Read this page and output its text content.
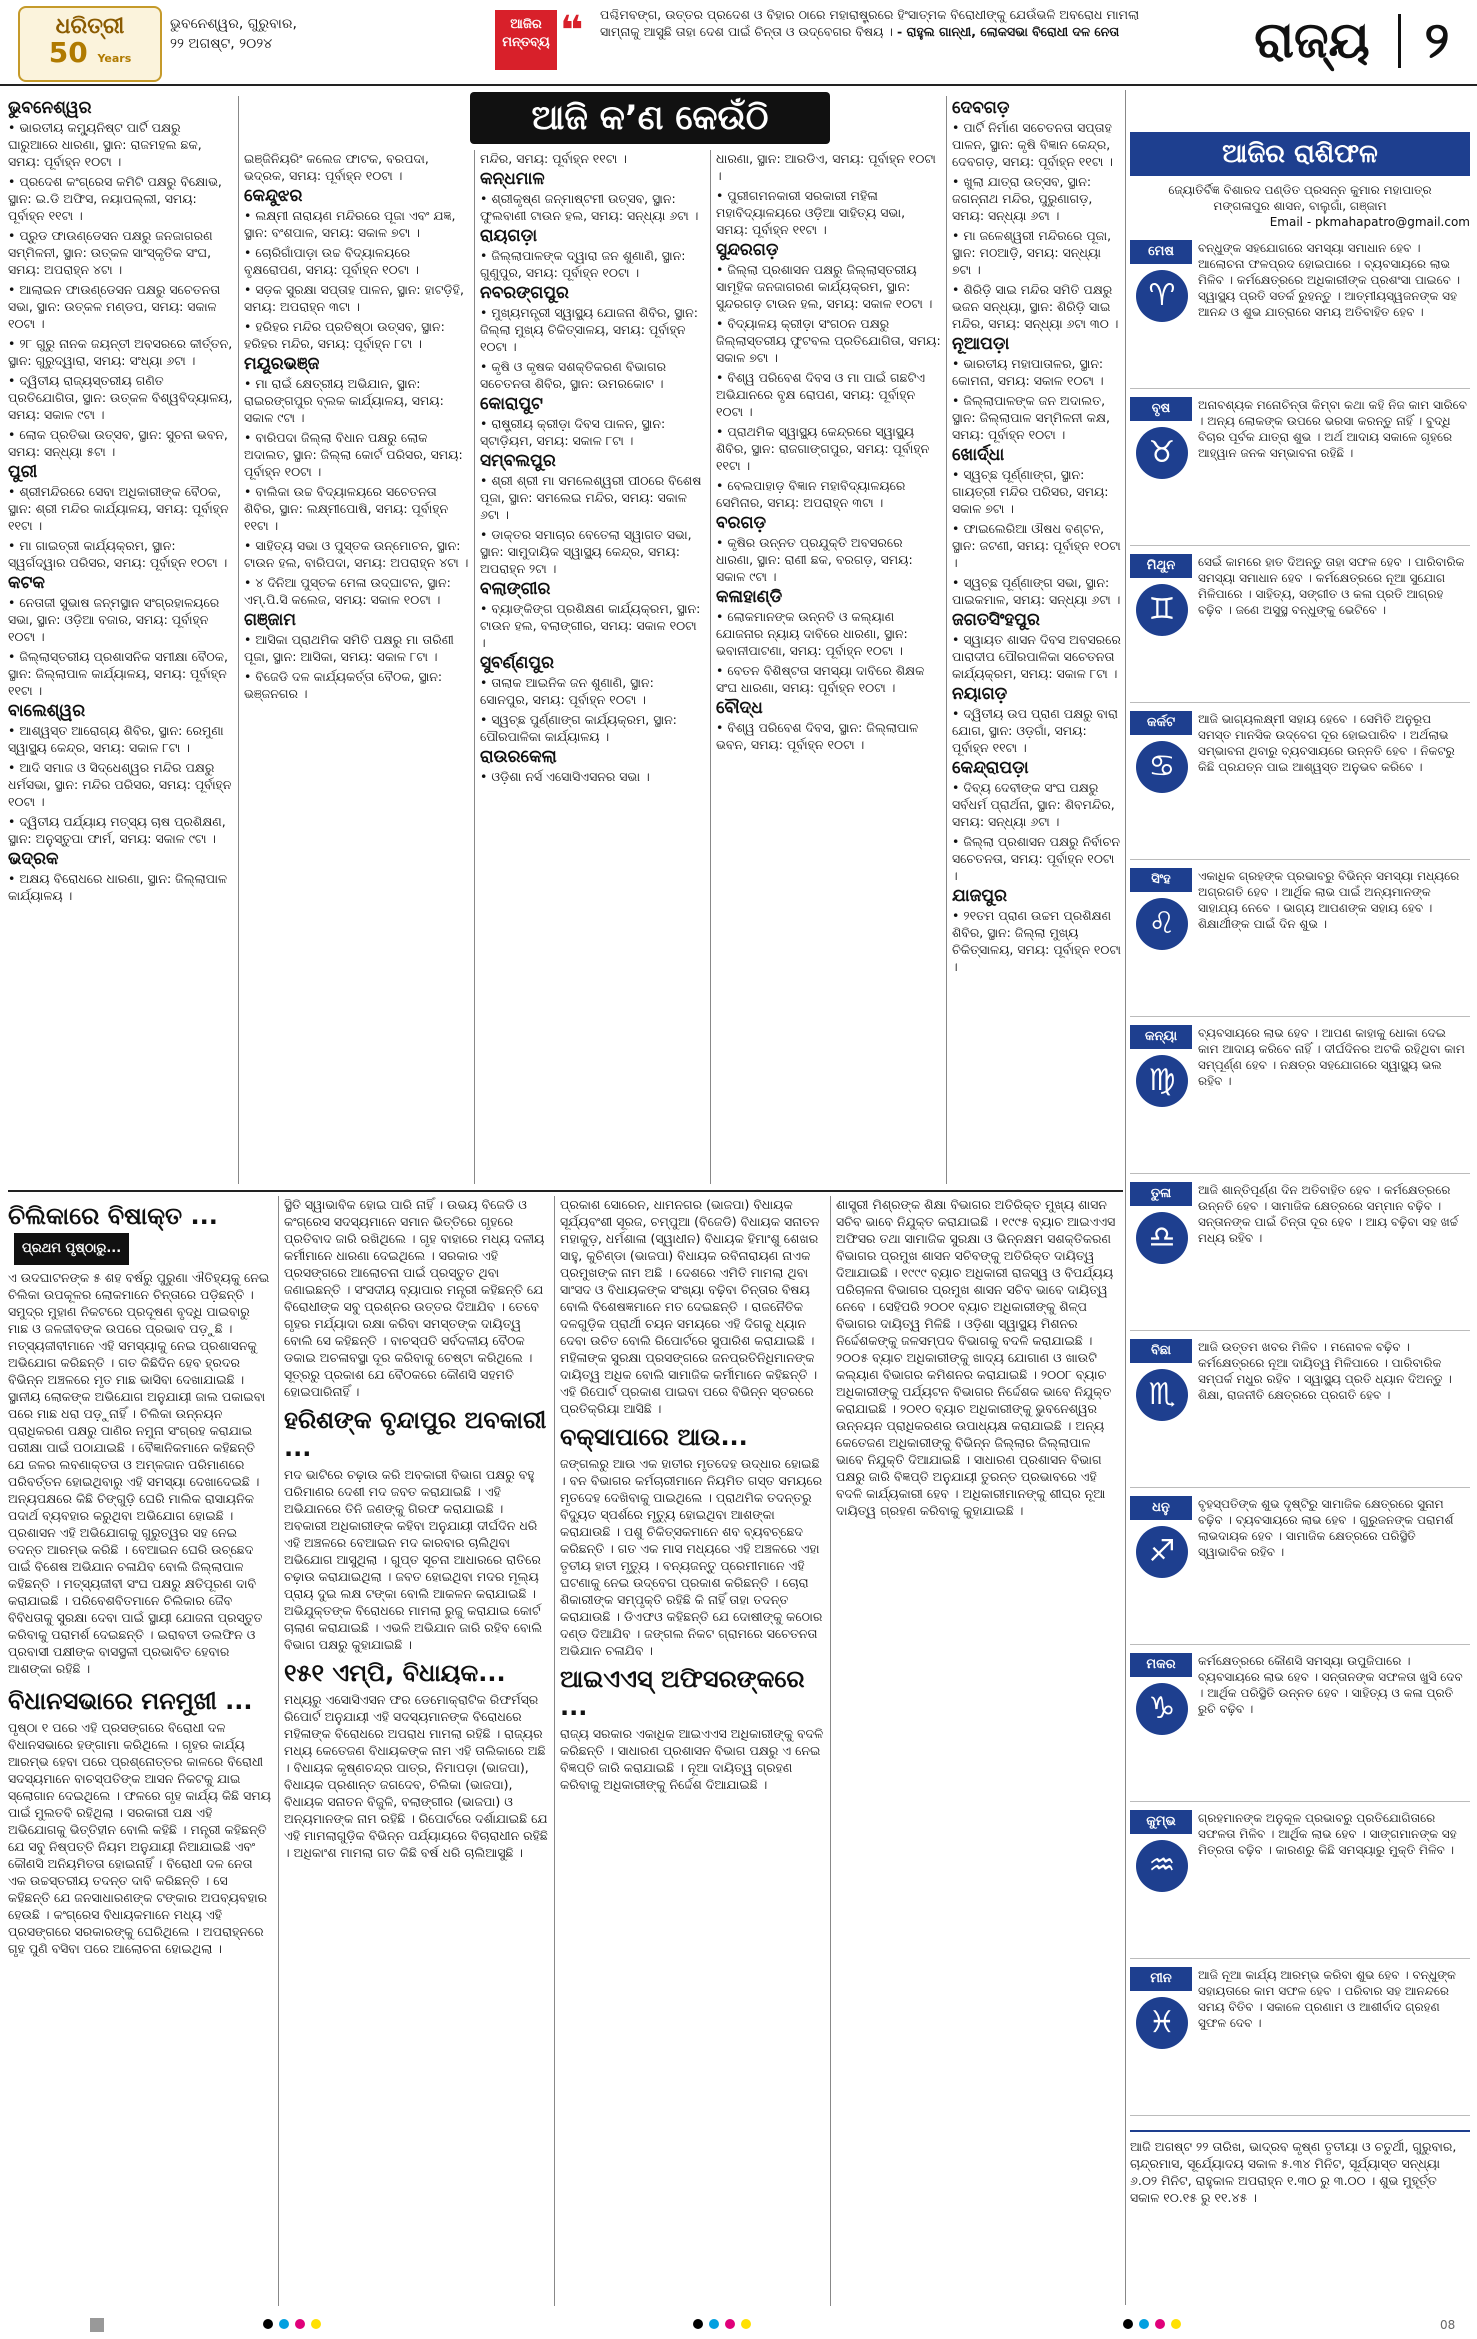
ଧରିତ୍ରୀ
50 Years
ଭୁବନେଶ୍ୱର, ଗୁରୁବାର,
୨୨ ଅଗଷ୍ଟ, ୨୦୨୪
ଆଜିର ମନ୍ତବ୍ୟ ❝	ପଶ୍ଚିମବଙ୍ଗ, ଉତ୍ତର ପ୍ରଦେଶ ଓ ବିହାର ଠାରେ ମହାରାଷ୍ଟ୍ରରେ ହିଂସାତ୍ମକ ବିରୋଧୀଙ୍କୁ ଯେଉଁଭଳି ଅବରୋଧ ମାମଲା ସାମ୍ନାକୁ ଆସୁଛି ତାହା ଦେଶ ପାଇଁ ଚିନ୍ତା ଓ ଉଦ୍ବେଗର ବିଷୟ । - ରାହୁଲ ଗାନ୍ଧୀ, ଲୋକସଭା ବିରୋଧୀ ଦଳ ନେତା	ରାଜ୍ୟ	୨
ଆଜି କ’ଣ କେଉଁଠି
ଭୁବନେଶ୍ୱର

• ଭାରତୀୟ କମ୍ୟୁନିଷ୍ଟ ପାର୍ଟି ପକ୍ଷରୁ ଘାରୁଆରେ ଧାରଣା, ସ୍ଥାନ: ରାଜମହଲ ଛକ, ସମୟ: ପୂର୍ବାହ୍ନ ୧୦ଟା ।

• ପ୍ରଦେଶ କଂଗ୍ରେସ କମିଟି ପକ୍ଷରୁ ବିକ୍ଷୋଭ, ସ୍ଥାନ: ଇ.ଡି ଅଫିସ, ନୟାପଲ୍ଲୀ, ସମୟ: ପୂର୍ବାହ୍ନ ୧୧ଟା ।

• ପ୍ରୁଡ ଫାଉଣ୍ଡେସନ ପକ୍ଷରୁ ଜନଜାଗରଣ ସମ୍ମିଳନୀ, ସ୍ଥାନ: ଉତ୍କଳ ସାଂସ୍କୃତିକ ସଂଘ, ସମୟ: ଅପରାହ୍ନ ୪ଟା ।

• ଆଲାଇନ ଫାଉଣ୍ଡେସନ ପକ୍ଷରୁ ସଚେତନତା ସଭା, ସ୍ଥାନ: ଉତ୍କଳ ମଣ୍ଡପ, ସମୟ: ସକାଳ ୧୦ଟା ।

• ୨୮ ଗୁରୁ ନାନକ ଜୟନ୍ତୀ ଅବସରରେ କୀର୍ତ୍ତନ, ସ୍ଥାନ: ଗୁରୁଦ୍ୱାରା, ସମୟ: ସଂଧ୍ୟା ୬ଟା ।

• ଦ୍ୱିତୀୟ ରାଜ୍ୟସ୍ତରୀୟ ଗଣିତ ପ୍ରତିଯୋଗିତା, ସ୍ଥାନ: ଉତ୍କଳ ବିଶ୍ୱବିଦ୍ୟାଳୟ, ସମୟ: ସକାଳ ୯ଟା ।

• ଲୋକ ପ୍ରତିଭା ଉତ୍ସବ, ସ୍ଥାନ: ସୁଚନା ଭବନ, ସମୟ: ସନ୍ଧ୍ୟା ୫ଟା ।

ପୁରୀ

• ଶ୍ରୀମନ୍ଦିରରେ ସେବା ଅଧିକାରୀଙ୍କ ବୈଠକ, ସ୍ଥାନ: ଶ୍ରୀ ମନ୍ଦିର କାର୍ଯ୍ୟାଳୟ, ସମୟ: ପୂର୍ବାହ୍ନ ୧୧ଟା ।

• ମା ଗାଇତ୍ରୀ କାର୍ଯ୍ୟକ୍ରମ, ସ୍ଥାନ: ସ୍ୱର୍ଗଦ୍ୱାର ପରିସର, ସମୟ: ପୂର୍ବାହ୍ନ ୧୦ଟା ।

କଟକ

• ନେତାଜୀ ସୁଭାଷ ଜନ୍ମସ୍ଥାନ ସଂଗ୍ରହାଳୟରେ ସଭା, ସ୍ଥାନ: ଓଡ଼ିଆ ବଜାର, ସମୟ: ପୂର୍ବାହ୍ନ ୧୦ଟା ।

• ଜିଲ୍ଲାସ୍ତରୀୟ ପ୍ରଶାସନିକ ସମୀକ୍ଷା ବୈଠକ, ସ୍ଥାନ: ଜିଲ୍ଲାପାଳ କାର୍ଯ୍ୟାଳୟ, ସମୟ: ପୂର୍ବାହ୍ନ ୧୧ଟା ।

ବାଲେଶ୍ୱର

• ଆଶ୍ୱସ୍ତ ଆରୋଗ୍ୟ ଶିବିର, ସ୍ଥାନ: ରେମୁଣା ସ୍ୱାସ୍ଥ୍ୟ କେନ୍ଦ୍ର, ସମୟ: ସକାଳ ୮ଟା ।

• ଆଦି ସମାଜ ଓ ସିଦ୍ଧେଶ୍ୱର ମନ୍ଦିର ପକ୍ଷରୁ ଧର୍ମସଭା, ସ୍ଥାନ: ମନ୍ଦିର ପରିସର, ସମୟ: ପୂର୍ବାହ୍ନ ୧୦ଟା ।

• ଦ୍ୱିତୀୟ ପର୍ଯ୍ୟାୟ ମତ୍ସ୍ୟ ଚାଷ ପ୍ରଶିକ୍ଷଣ, ସ୍ଥାନ: ଅନୁସ୍ତୁପା ଫାର୍ମ, ସମୟ: ସକାଳ ୯ଟା ।

ଭଦ୍ରକ

• ଅକ୍ଷୟ ବିରୋଧରେ ଧାରଣା, ସ୍ଥାନ: ଜିଲ୍ଲାପାଳ କାର୍ଯ୍ୟାଳୟ ।

ଇଞ୍ଜିନିୟରିଂ କଲେଜ ଫାଟକ, ବରପଦା, ଭଦ୍ରକ, ସମୟ: ପୂର୍ବାହ୍ନ ୧୦ଟା ।

କେନ୍ଦୁଝର

• ଲକ୍ଷ୍ମୀ ନାରାୟଣ ମନ୍ଦିରରେ ପୂଜା ଏବଂ ଯଜ୍ଞ, ସ୍ଥାନ: ବଂଶପାଳ, ସମୟ: ସକାଳ ୭ଟା ।

• ଚୋରିଗାଁପାଡ଼ା ଉଚ୍ଚ ବିଦ୍ୟାଳୟରେ ବୃକ୍ଷରୋପଣ, ସମୟ: ପୂର୍ବାହ୍ନ ୧୦ଟା ।

• ସଡ଼କ ସୁରକ୍ଷା ସପ୍ତାହ ପାଳନ, ସ୍ଥାନ: ହାଟଡ଼ିହି, ସମୟ: ଅପରାହ୍ନ ୩ଟା ।

• ହରିହର ମନ୍ଦିର ପ୍ରତିଷ୍ଠା ଉତ୍ସବ, ସ୍ଥାନ: ହରିହର ମନ୍ଦିର, ସମୟ: ପୂର୍ବାହ୍ନ ୮ଟା ।

ମୟୂରଭଞ୍ଜ

• ମା ରାଇଁ କ୍ଷେତ୍ରୀୟ ଅଭିଯାନ, ସ୍ଥାନ: ରାଇରଙ୍ଗପୁର ବ୍ଲକ କାର୍ଯ୍ୟାଳୟ, ସମୟ: ସକାଳ ୯ଟା ।

• ବାରିପଦା ଜିଲ୍ଲା ବିଧାନ ପକ୍ଷରୁ ଲୋକ ଅଦାଲତ, ସ୍ଥାନ: ଜିଲ୍ଲା କୋର୍ଟ ପରିସର, ସମୟ: ପୂର୍ବାହ୍ନ ୧୦ଟା ।

• ବାଲିକା ଉଚ୍ଚ ବିଦ୍ୟାଳୟରେ ସଚେତନତା ଶିବିର, ସ୍ଥାନ: ଲକ୍ଷ୍ମୀପୋଷି, ସମୟ: ପୂର୍ବାହ୍ନ ୧୧ଟା ।

• ସାହିତ୍ୟ ସଭା ଓ ପୁସ୍ତକ ଉନ୍ମୋଚନ, ସ୍ଥାନ: ଟାଉନ ହଲ, ବାରିପଦା, ସମୟ: ଅପରାହ୍ନ ୪ଟା ।

• ୪ ଦିନିଆ ପୁସ୍ତକ ମେଳା ଉଦ୍‌ଘାଟନ, ସ୍ଥାନ: ଏମ୍.ପି.ସି କଲେଜ, ସମୟ: ସକାଳ ୧୦ଟା ।

ଗଞ୍ଜାମ

• ଆସିକା ପ୍ରାଥମିକ ସମିତି ପକ୍ଷରୁ ମା ତାରିଣୀ ପୂଜା, ସ୍ଥାନ: ଆସିକା, ସମୟ: ସକାଳ ୮ଟା ।

• ବିଜେଡି ଦଳ କାର୍ଯ୍ୟକର୍ତ୍ତା ବୈଠକ, ସ୍ଥାନ: ଭଞ୍ଜନଗର ।

ମନ୍ଦିର, ସମୟ: ପୂର୍ବାହ୍ନ ୧୧ଟା ।

କନ୍ଧମାଳ

• ଶ୍ରୀକୃଷ୍ଣ ଜନ୍ମାଷ୍ଟମୀ ଉତ୍ସବ, ସ୍ଥାନ: ଫୁଲବାଣୀ ଟାଉନ ହଲ, ସମୟ: ସନ୍ଧ୍ୟା ୬ଟା ।

ରାୟଗଡ଼ା

• ଜିଲ୍ଲାପାଳଙ୍କ ଦ୍ୱାରା ଜନ ଶୁଣାଣି, ସ୍ଥାନ: ଗୁଣୁପୁର, ସମୟ: ପୂର୍ବାହ୍ନ ୧୦ଟା ।

ନବରଙ୍ଗପୁର

• ମୁଖ୍ୟମନ୍ତ୍ରୀ ସ୍ୱାସ୍ଥ୍ୟ ଯୋଜନା ଶିବିର, ସ୍ଥାନ: ଜିଲ୍ଲା ମୁଖ୍ୟ ଚିକିତ୍ସାଳୟ, ସମୟ: ପୂର୍ବାହ୍ନ ୧୦ଟା ।

• କୃଷି ଓ କୃଷକ ସଶକ୍ତିକରଣ ବିଭାଗର ସଚେତନତା ଶିବିର, ସ୍ଥାନ: ଉମରକୋଟ ।

କୋରାପୁଟ

• ରାଷ୍ଟ୍ରୀୟ କ୍ରୀଡ଼ା ଦିବସ ପାଳନ, ସ୍ଥାନ: ସ୍ଟାଡ଼ିୟମ, ସମୟ: ସକାଳ ୮ଟା ।

ସମ୍ବଲପୁର

• ଶ୍ରୀ ଶ୍ରୀ ମା ସମଲେଶ୍ୱରୀ ପୀଠରେ ବିଶେଷ ପୂଜା, ସ୍ଥାନ: ସମଲେଇ ମନ୍ଦିର, ସମୟ: ସକାଳ ୬ଟା ।

• ଡାକ୍ତର ସମାଚାର ବେତେଲା ସ୍ୱାଗତ ସଭା, ସ୍ଥାନ: ସାମୁଦାୟିକ ସ୍ୱାସ୍ଥ୍ୟ କେନ୍ଦ୍ର, ସମୟ: ଅପରାହ୍ନ ୨ଟା ।

ବଲାଙ୍ଗୀର

• ବ୍ୟାଙ୍କିଙ୍ଗ ପ୍ରଶିକ୍ଷଣ କାର୍ଯ୍ୟକ୍ରମ, ସ୍ଥାନ: ଟାଉନ ହଲ, ବଲାଙ୍ଗୀର, ସମୟ: ସକାଳ ୧୦ଟା ।

ସୁବର୍ଣ୍ଣପୁର

• ତାଲାକ ଆଇନିକ ଜନ ଶୁଣାଣି, ସ୍ଥାନ: ସୋନପୁର, ସମୟ: ପୂର୍ବାହ୍ନ ୧୦ଟା ।

• ସ୍ୱଚ୍ଛ ପୁର୍ଣ୍ଣାଙ୍ଗ କାର୍ଯ୍ୟକ୍ରମ, ସ୍ଥାନ: ପୌରପାଳିକା କାର୍ଯ୍ୟାଳୟ ।

ରାଉରକେଲା

• ଓଡ଼ିଶା ନର୍ସ ଏସୋସିଏସନର ସଭା ।

ଧାରଣା, ସ୍ଥାନ: ଆରଡିଏ, ସମୟ: ପୂର୍ବାହ୍ନ ୧୦ଟା ।

• ପୁରୀଗମନକାରୀ ସରକାରୀ ମହିଳା ମହାବିଦ୍ୟାଳୟରେ ଓଡ଼ିଆ ସାହିତ୍ୟ ସଭା, ସମୟ: ପୂର୍ବାହ୍ନ ୧୧ଟା ।

ସୁନ୍ଦରଗଡ଼

• ଜିଲ୍ଲା ପ୍ରଶାସନ ପକ୍ଷରୁ ଜିଲ୍ଲାସ୍ତରୀୟ ସାମୂହିକ ଜନଜାଗରଣ କାର୍ଯ୍ୟକ୍ରମ, ସ୍ଥାନ: ସୁନ୍ଦରଗଡ଼ ଟାଉନ ହଲ, ସମୟ: ସକାଳ ୧୦ଟା ।

• ବିଦ୍ୟାଳୟ କ୍ରୀଡ଼ା ସଂଗଠନ ପକ୍ଷରୁ ଜିଲ୍ଲାସ୍ତରୀୟ ଫୁଟବଲ ପ୍ରତିଯୋଗିତା, ସମୟ: ସକାଳ ୭ଟା ।

• ବିଶ୍ୱ ପରିବେଶ ଦିବସ ଓ ମା ପାଇଁ ଗଛଟିଏ ଅଭିଯାନରେ ବୃକ୍ଷ ରୋପଣ, ସମୟ: ପୂର୍ବାହ୍ନ ୧୦ଟା ।

• ପ୍ରାଥମିକ ସ୍ୱାସ୍ଥ୍ୟ କେନ୍ଦ୍ରରେ ସ୍ୱାସ୍ଥ୍ୟ ଶିବିର, ସ୍ଥାନ: ରାଜଗାଙ୍ଗପୁର, ସମୟ: ପୂର୍ବାହ୍ନ ୧୧ଟା ।

• ବେଲପାହାଡ଼ ବିଜ୍ଞାନ ମହାବିଦ୍ୟାଳୟରେ ସେମିନାର, ସମୟ: ଅପରାହ୍ନ ୩ଟା ।

ବରଗଡ଼

• କୃଷିର ଉନ୍ନତ ପ୍ରଯୁକ୍ତି ଅବସରରେ ଧାରଣା, ସ୍ଥାନ: ରାଣୀ ଛକ, ବରଗଡ଼, ସମୟ: ସକାଳ ୯ଟା ।

କଳାହାଣ୍ଡି

• ଲୋକମାନଙ୍କ ଉନ୍ନତି ଓ କଲ୍ୟାଣ ଯୋଜନାର ନ୍ୟାୟ ଦାବିରେ ଧାରଣା, ସ୍ଥାନ: ଭବାନୀପାଟଣା, ସମୟ: ପୂର୍ବାହ୍ନ ୧୦ଟା ।

• ବେତନ ବିଶିଷ୍ଟତା ସମସ୍ୟା ଦାବିରେ ଶିକ୍ଷକ ସଂଘ ଧାରଣା, ସମୟ: ପୂର୍ବାହ୍ନ ୧୦ଟା ।

ବୌଦ୍ଧ

• ବିଶ୍ୱ ପରିବେଶ ଦିବସ, ସ୍ଥାନ: ଜିଲ୍ଲାପାଳ ଭବନ, ସମୟ: ପୂର୍ବାହ୍ନ ୧୦ଟା ।

ଦେବଗଡ଼

• ପାର୍ଟି ନିର୍ମାଣ ସଚେତନତା ସପ୍ତାହ ପାଳନ, ସ୍ଥାନ: କୃଷି ବିଜ୍ଞାନ କେନ୍ଦ୍ର, ଦେବଗଡ଼, ସମୟ: ପୂର୍ବାହ୍ନ ୧୧ଟା ।

• ଖୁଲା ଯାତ୍ରା ଉତ୍ସବ, ସ୍ଥାନ: ଜଗନ୍ନାଥ ମନ୍ଦିର, ପୁରୁଣାଗଡ଼, ସମୟ: ସନ୍ଧ୍ୟା ୬ଟା ।

• ମା ଜଳେଶ୍ୱରୀ ମନ୍ଦିରରେ ପୂଜା, ସ୍ଥାନ: ମଠଆଡ଼ି, ସମୟ: ସନ୍ଧ୍ୟା ୭ଟା ।

• ଶିରିଡ଼ି ସାଇ ମନ୍ଦିର ସମିତି ପକ୍ଷରୁ ଭଜନ ସନ୍ଧ୍ୟା, ସ୍ଥାନ: ଶିରିଡ଼ି ସାଇ ମନ୍ଦିର, ସମୟ: ସନ୍ଧ୍ୟା ୬ଟା ୩୦ ।

ନୂଆପଡ଼ା

• ଭାରତୀୟ ମହାପାତାଳର, ସ୍ଥାନ: କୋମନା, ସମୟ: ସକାଳ ୧୦ଟା ।

• ଜିଲ୍ଲାପାଳଙ୍କ ଜନ ଅଦାଲତ, ସ୍ଥାନ: ଜିଲ୍ଲାପାଳ ସମ୍ମିଳନୀ କକ୍ଷ, ସମୟ: ପୂର୍ବାହ୍ନ ୧୦ଟା ।

ଖୋର୍ଦ୍ଧା

• ସ୍ୱଚ୍ଛ ପୂର୍ଣ୍ଣାଙ୍ଗ, ସ୍ଥାନ: ଗାୟତ୍ରୀ ମନ୍ଦିର ପରିସର, ସମୟ: ସକାଳ ୭ଟା ।

• ଫାଇଲେରିଆ ଔଷଧ ବଣ୍ଟନ, ସ୍ଥାନ: ଜଟଣୀ, ସମୟ: ପୂର୍ବାହ୍ନ ୧୦ଟା ।

• ସ୍ୱଚ୍ଛ ପୂର୍ଣ୍ଣାଙ୍ଗ ସଭା, ସ୍ଥାନ: ପାଇକମାଳ, ସମୟ: ସନ୍ଧ୍ୟା ୬ଟା ।

ଜଗତସିଂହପୁର

• ସ୍ୱାୟତ ଶାସନ ଦିବସ ଅବସରରେ ପାରାଦୀପ ପୌରପାଳିକା ସଚେତନତା କାର୍ଯ୍ୟକ୍ରମ, ସମୟ: ସକାଳ ୮ଟା ।

ନୟାଗଡ଼

• ଦ୍ୱିତୀୟ ଉପ ପ୍ରାଣ ପକ୍ଷରୁ ବାରା ଯୋଗ, ସ୍ଥାନ: ଓଡ଼ଗାଁ, ସମୟ: ପୂର୍ବାହ୍ନ ୧୧ଟା ।

କେନ୍ଦ୍ରାପଡ଼ା

• ଦିବ୍ୟ ଦେବୀଙ୍କ ସଂଘ ପକ୍ଷରୁ ସର୍ବଧର୍ମ ପ୍ରାର୍ଥନା, ସ୍ଥାନ: ଶିବମନ୍ଦିର, ସମୟ: ସନ୍ଧ୍ୟା ୬ଟା ।

• ଜିଲ୍ଲା ପ୍ରଶାସନ ପକ୍ଷରୁ ନିର୍ବାଚନ ସଚେତନତା, ସମୟ: ପୂର୍ବାହ୍ନ ୧୦ଟା ।

ଯାଜପୁର

• ୨୧ତମ ପ୍ରାଣ ଉଚ୍ଚମ ପ୍ରଶିକ୍ଷଣ ଶିବିର, ସ୍ଥାନ: ଜିଲ୍ଲା ମୁଖ୍ୟ ଚିକିତ୍ସାଳୟ, ସମୟ: ପୂର୍ବାହ୍ନ ୧୦ଟା ।

ଆଜିର ରାଶିଫଳ
ଜ୍ୟୋତିର୍ବିଜ୍ଞ ବିଶାରଦ ପଣ୍ଡିତ ପ୍ରସନ୍ନ କୁମାର ମହାପାତ୍ର
ମଙ୍ଗଳାପୁର ଶାସନ, ବାଲୁଗାଁ, ଗଞ୍ଜାମ
Email - pkmahapatro@gmail.com
ମେଷ
♈
ବନ୍ଧୁଙ୍କ ସହଯୋଗରେ ସମସ୍ୟା ସମାଧାନ ହେବ । ଆଲୋଚନା ଫଳପ୍ରଦ ହୋଇପାରେ । ବ୍ୟବସାୟରେ ଲାଭ ମିଳିବ । କର୍ମକ୍ଷେତ୍ରରେ ଅଧିକାରୀଙ୍କ ପ୍ରଶଂସା ପାଇବେ । ସ୍ୱାସ୍ଥ୍ୟ ପ୍ରତି ସତର୍କ ରୁହନ୍ତୁ । ଆତ୍ମୀୟସ୍ୱଜନଙ୍କ ସହ ଆନନ୍ଦ ଓ ଶୁଭ ଯାତ୍ରାରେ ସମୟ ଅତିବାହିତ ହେବ ।
ବୃଷ
♉
ଅନାବଶ୍ୟକ ମନୋଚିନ୍ତା କିମ୍ବା କଥା କହି ନିଜ କାମ ସାରିବେ । ଅନ୍ୟ ଲୋକଙ୍କ ଉପରେ ଭରସା କରନ୍ତୁ ନାହିଁ । ବୁଦ୍ଧି ବିଚାର ପୂର୍ବକ ଯାତ୍ରା ଶୁଭ । ଅର୍ଥ ଆଦାୟ ସକାଳେ ଗୃହରେ ଆହ୍ୱାନ ଜନକ ସମ୍ଭାବନା ରହିଛି ।
ମିଥୁନ
♊
ସେଇଁ କାମରେ ହାତ ଦିଅନ୍ତୁ ତାହା ସଫଳ ହେବ । ପାରିବାରିକ ସମସ୍ୟା ସମାଧାନ ହେବ । କର୍ମକ୍ଷେତ୍ରରେ ନୂଆ ସୁଯୋଗ ମିଳିପାରେ । ସାହିତ୍ୟ, ସଙ୍ଗୀତ ଓ କଳା ପ୍ରତି ଆଗ୍ରହ ବଢ଼ିବ । ଜଣେ ଅସୁସ୍ଥ ବନ୍ଧୁଙ୍କୁ ଭେଟିବେ ।
କର୍କଟ
♋
ଆଜି ଭାଗ୍ୟଲକ୍ଷ୍ମୀ ସହାୟ ହେବେ । ସେମିତି ଅନୁରୂପ ସମସ୍ତ ମାନସିକ ଉଦ୍ବେଗ ଦୂର ହୋଇପାରିବ । ଅର୍ଥଲାଭ ସମ୍ଭାବନା ଥିବାରୁ ବ୍ୟବସାୟରେ ଉନ୍ନତି ହେବ । ନିକଟରୁ କିଛି ପ୍ରଯତ୍ନ ପାଇ ଆଶ୍ୱସ୍ତ ଅନୁଭବ କରିବେ ।
ସିଂହ
♌
ଏକାଧିକ ଗ୍ରହଙ୍କ ପ୍ରଭାବରୁ ବିଭିନ୍ନ ସମସ୍ୟା ମଧ୍ୟରେ ଅଗ୍ରଗତି ହେବ । ଆର୍ଥିକ ଲାଭ ପାଇଁ ଅନ୍ୟମାନଙ୍କ ସାହାଯ୍ୟ ନେବେ । ଭାଗ୍ୟ ଆପଣଙ୍କ ସହାୟ ହେବ । ଶିକ୍ଷାର୍ଥୀଙ୍କ ପାଇଁ ଦିନ ଶୁଭ ।
କନ୍ୟା
♍
ବ୍ୟବସାୟରେ ଲାଭ ହେବ । ଆପଣ କାହାକୁ ଧୋକା ଦେଇ କାମ ଆଦାୟ କରିବେ ନାହିଁ । ଦୀର୍ଘଦିନର ଅଟକି ରହିଥିବା କାମ ସମ୍ପୂର୍ଣ୍ଣ ହେବ । ନକ୍ଷତ୍ର ସହଯୋଗରେ ସ୍ୱାସ୍ଥ୍ୟ ଭଲ ରହିବ ।
ତୁଳା
♎
ଆଜି ଶାନ୍ତିପୂର୍ଣ୍ଣ ଦିନ ଅତିବାହିତ ହେବ । କର୍ମକ୍ଷେତ୍ରରେ ଉନ୍ନତି ହେବ । ସାମାଜିକ କ୍ଷେତ୍ରରେ ସମ୍ମାନ ବଢ଼ିବ । ସନ୍ତାନଙ୍କ ପାଇଁ ଚିନ୍ତା ଦୂର ହେବ । ଆୟ ବଢ଼ିବା ସହ ଖର୍ଚ୍ଚ ମଧ୍ୟ ରହିବ ।
ବିଛା
♏
ଆଜି ଉତ୍ତମ ଖବର ମିଳିବ । ମନୋବଳ ବଢ଼ିବ । କର୍ମକ୍ଷେତ୍ରରେ ନୂଆ ଦାୟିତ୍ୱ ମିଳିପାରେ । ପାରିବାରିକ ସମ୍ପର୍କ ମଧୁର ରହିବ । ସ୍ୱାସ୍ଥ୍ୟ ପ୍ରତି ଧ୍ୟାନ ଦିଅନ୍ତୁ । ଶିକ୍ଷା, ରାଜନୀତି କ୍ଷେତ୍ରରେ ପ୍ରଗତି ହେବ ।
ଧନୁ
♐
ବୃହସ୍ପତିଙ୍କ ଶୁଭ ଦୃଷ୍ଟିରୁ ସାମାଜିକ କ୍ଷେତ୍ରରେ ସୁନାମ ବଢ଼ିବ । ବ୍ୟବସାୟରେ ଲାଭ ହେବ । ଗୁରୁଜନଙ୍କ ପରାମର୍ଶ ଲାଭଦାୟକ ହେବ । ସାମାଜିକ କ୍ଷେତ୍ରରେ ପରିସ୍ଥିତି ସ୍ୱାଭାବିକ ରହିବ ।
ମକର
♑
କର୍ମକ୍ଷେତ୍ରରେ କୌଣସି ସମସ୍ୟା ଉପୁଜିପାରେ । ବ୍ୟବସାୟରେ ଲାଭ ହେବ । ସନ୍ତାନଙ୍କ ସଫଳତା ଖୁସି ଦେବ । ଆର୍ଥିକ ପରିସ୍ଥିତି ଉନ୍ନତ ହେବ । ସାହିତ୍ୟ ଓ କଳା ପ୍ରତି ରୁଚି ବଢ଼ିବ ।
କୁମ୍ଭ
♒
ଗ୍ରହମାନଙ୍କ ଅନୁକୂଳ ପ୍ରଭାବରୁ ପ୍ରତିଯୋଗିତାରେ ସଫଳତା ମିଳିବ । ଆର୍ଥିକ ଲାଭ ହେବ । ସାଙ୍ଗମାନଙ୍କ ସହ ମିତ୍ରତା ବଢ଼ିବ । କାରଣରୁ କିଛି ସମସ୍ୟାରୁ ମୁକ୍ତି ମିଳିବ ।
ମୀନ
♓
ଆଜି ନୂଆ କାର୍ଯ୍ୟ ଆରମ୍ଭ କରିବା ଶୁଭ ହେବ । ବନ୍ଧୁଙ୍କ ସହାୟତାରେ କାମ ସଫଳ ହେବ । ପରିବାର ସହ ଆନନ୍ଦରେ ସମୟ ବିତିବ । ସକାଳେ ପ୍ରଣାମ ଓ ଆଶୀର୍ବାଦ ଗ୍ରହଣ ସୁଫଳ ଦେବ ।
ଆଜି ଅଗଷ୍ଟ ୨୨ ତାରିଖ, ଭାଦ୍ରବ କୃଷ୍ଣ ତୃତୀୟା ଓ ଚତୁର୍ଥୀ, ଗୁରୁବାର, ଚାନ୍ଦ୍ରମାସ, ସୂର୍ଯ୍ୟୋଦୟ ସକାଳ ୫.୩୪ ମିନିଟ, ସୂର୍ଯ୍ୟାସ୍ତ ସନ୍ଧ୍ୟା ୬.୦୨ ମିନିଟ, ରାହୁକାଳ ଅପରାହ୍ନ ୧.୩୦ ରୁ ୩.୦୦ । ଶୁଭ ମୁହୂର୍ତ୍ତ ସକାଳ ୧୦.୧୫ ରୁ ୧୧.୪୫ ।
ଚିଲିକାରେ ବିଷାକ୍ତ ...ପ୍ରଥମ ପୃଷ୍ଠାରୁ...

ଏ ଉଦଘାଟନଙ୍କ ୫ ଶହ ବର୍ଷରୁ ପୁରୁଣା ଐତିହ୍ୟକୁ ନେଇ ଚିଲିକା ଉପକୂଳର ଲୋକମାନେ ଚିନ୍ତାରେ ପଡ଼ିଛନ୍ତି । ସମୁଦ୍ର ମୁହାଣ ନିକଟରେ ପ୍ରଦୂଷଣ ବୃଦ୍ଧି ପାଇବାରୁ ମାଛ ଓ ଜଳଜୀବଙ୍କ ଉପରେ ପ୍ରଭାବ ପଡ଼ୁଛି । ମତ୍ସ୍ୟଜୀବୀମାନେ ଏହି ସମସ୍ୟାକୁ ନେଇ ପ୍ରଶାସନକୁ ଅଭିଯୋଗ କରିଛନ୍ତି । ଗତ କିଛିଦିନ ହେବ ହ୍ରଦର ବିଭିନ୍ନ ଅଞ୍ଚଳରେ ମୃତ ମାଛ ଭାସିବା ଦେଖାଯାଇଛି । ସ୍ଥାନୀୟ ଲୋକଙ୍କ ଅଭିଯୋଗ ଅନୁଯାୟୀ ଜାଲ ପକାଇବା ପରେ ମାଛ ଧରା ପଡ଼ୁନାହିଁ । ଚିଲିକା ଉନ୍ନୟନ ପ୍ରାଧିକରଣ ପକ୍ଷରୁ ପାଣିର ନମୁନା ସଂଗ୍ରହ କରାଯାଇ ପରୀକ୍ଷା ପାଇଁ ପଠାଯାଇଛି । ବୈଜ୍ଞାନିକମାନେ କହିଛନ୍ତି ଯେ ଜଳର ଲବଣାକ୍ତତା ଓ ଅମ୍ଳଜାନ ପରିମାଣରେ ପରିବର୍ତ୍ତନ ହୋଇଥିବାରୁ ଏହି ସମସ୍ୟା ଦେଖାଦେଇଛି । ଅନ୍ୟପକ୍ଷରେ କିଛି ଚିଙ୍ଗୁଡ଼ି ଘେରି ମାଲିକ ରାସାୟନିକ ପଦାର୍ଥ ବ୍ୟବହାର କରୁଥିବା ଅଭିଯୋଗ ହୋଇଛି । ପ୍ରଶାସନ ଏହି ଅଭିଯୋଗକୁ ଗୁରୁତ୍ୱର ସହ ନେଇ ତଦନ୍ତ ଆରମ୍ଭ କରିଛି । ବେଆଇନ ଘେରି ଉଚ୍ଛେଦ ପାଇଁ ବିଶେଷ ଅଭିଯାନ ଚଳାଯିବ ବୋଲି ଜିଲ୍ଲାପାଳ କହିଛନ୍ତି । ମତ୍ସ୍ୟଜୀବୀ ସଂଘ ପକ୍ଷରୁ କ୍ଷତିପୂରଣ ଦାବି କରାଯାଇଛି । ପରିବେଶବିତମାନେ ଚିଲିକାର ଜୈବ ବିବିଧତାକୁ ସୁରକ୍ଷା ଦେବା ପାଇଁ ସ୍ଥାୟୀ ଯୋଜନା ପ୍ରସ୍ତୁତ କରିବାକୁ ପରାମର୍ଶ ଦେଇଛନ୍ତି । ଇରାବତୀ ଡଲଫିନ ଓ ପ୍ରବାସୀ ପକ୍ଷୀଙ୍କ ବାସସ୍ଥଳୀ ପ୍ରଭାବିତ ହେବାର ଆଶଙ୍କା ରହିଛି ।

ବିଧାନସଭାରେ ମନମୁଖୀ ...

ପୃଷ୍ଠା ୧ ପରେ ଏହି ପ୍ରସଙ୍ଗରେ ବିରୋଧୀ ଦଳ ବିଧାନସଭାରେ ହଙ୍ଗାମା କରିଥିଲେ । ଗୃହର କାର୍ଯ୍ୟ ଆରମ୍ଭ ହେବା ପରେ ପ୍ରଶ୍ନୋତ୍ତର କାଳରେ ବିରୋଧୀ ସଦସ୍ୟମାନେ ବାଚସ୍ପତିଙ୍କ ଆସନ ନିକଟକୁ ଯାଇ ସ୍ଲୋଗାନ ଦେଇଥିଲେ । ଫଳରେ ଗୃହ କାର୍ଯ୍ୟ କିଛି ସମୟ ପାଇଁ ମୁଲତବି ରହିଥିଲା । ସରକାରୀ ପକ୍ଷ ଏହି ଅଭିଯୋଗକୁ ଭିତ୍ତିହୀନ ବୋଲି କହିଛି । ମନ୍ତ୍ରୀ କହିଛନ୍ତି ଯେ ସବୁ ନିଷ୍ପତ୍ତି ନିୟମ ଅନୁଯାୟୀ ନିଆଯାଇଛି ଏବଂ କୌଣସି ଅନିୟମିତତା ହୋଇନାହିଁ । ବିରୋଧୀ ଦଳ ନେତା ଏକ ଉଚ୍ଚସ୍ତରୀୟ ତଦନ୍ତ ଦାବି କରିଛନ୍ତି । ସେ କହିଛନ୍ତି ଯେ ଜନସାଧାରଣଙ୍କ ଟଙ୍କାର ଅପବ୍ୟବହାର ହେଉଛି । କଂଗ୍ରେସ ବିଧାୟକମାନେ ମଧ୍ୟ ଏହି ପ୍ରସଙ୍ଗରେ ସରକାରଙ୍କୁ ଘେରିଥିଲେ । ଅପରାହ୍ନରେ ଗୃହ ପୁଣି ବସିବା ପରେ ଆଲୋଚନା ହୋଇଥିଲା ।

ସ୍ଥିତି ସ୍ୱାଭାବିକ ହୋଇ ପାରି ନାହିଁ । ଉଭୟ ବିଜେଡି ଓ କଂଗ୍ରେସ ସଦସ୍ୟମାନେ ସମାନ ଭିତ୍ତିରେ ଗୃହରେ ପ୍ରତିବାଦ ଜାରି ରଖିଥିଲେ । ଗୃହ ବାହାରେ ମଧ୍ୟ ଦଳୀୟ କର୍ମୀମାନେ ଧାରଣା ଦେଇଥିଲେ । ସରକାର ଏହି ପ୍ରସଙ୍ଗରେ ଆଲୋଚନା ପାଇଁ ପ୍ରସ୍ତୁତ ଥିବା ଜଣାଇଛନ୍ତି । ସଂସଦୀୟ ବ୍ୟାପାର ମନ୍ତ୍ରୀ କହିଛନ୍ତି ଯେ ବିରୋଧୀଙ୍କ ସବୁ ପ୍ରଶ୍ନର ଉତ୍ତର ଦିଆଯିବ । ତେବେ ଗୃହର ମର୍ଯ୍ୟାଦା ରକ୍ଷା କରିବା ସମସ୍ତଙ୍କ ଦାୟିତ୍ୱ ବୋଲି ସେ କହିଛନ୍ତି । ବାଚସ୍ପତି ସର୍ବଦଳୀୟ ବୈଠକ ଡକାଇ ଅଚଳାବସ୍ଥା ଦୂର କରିବାକୁ ଚେଷ୍ଟା କରିଥିଲେ । ସୂତ୍ରରୁ ପ୍ରକାଶ ଯେ ବୈଠକରେ କୌଣସି ସହମତି ହୋଇପାରିନାହିଁ ।

ହରିଶଙ୍କ ବୃନ୍ଦାପୁର ଅବକାରୀ ...

ମଦ ଭାଟିରେ ଚଢ଼ାଉ କରି ଅବକାରୀ ବିଭାଗ ପକ୍ଷରୁ ବହୁ ପରିମାଣର ଦେଶୀ ମଦ ଜବତ କରାଯାଇଛି । ଏହି ଅଭିଯାନରେ ତିନି ଜଣଙ୍କୁ ଗିରଫ କରାଯାଇଛି । ଅବକାରୀ ଅଧିକାରୀଙ୍କ କହିବା ଅନୁଯାୟୀ ଦୀର୍ଘଦିନ ଧରି ଏହି ଅଞ୍ଚଳରେ ବେଆଇନ ମଦ କାରବାର ଚାଲିଥିବା ଅଭିଯୋଗ ଆସୁଥିଲା । ଗୁପ୍ତ ସୂଚନା ଆଧାରରେ ରାତିରେ ଚଢ଼ାଉ କରାଯାଇଥିଲା । ଜବତ ହୋଇଥିବା ମଦର ମୂଲ୍ୟ ପ୍ରାୟ ଦୁଇ ଲକ୍ଷ ଟଙ୍କା ବୋଲି ଆକଳନ କରାଯାଇଛି । ଅଭିଯୁକ୍ତଙ୍କ ବିରୋଧରେ ମାମଲା ରୁଜୁ କରାଯାଇ କୋର୍ଟ ଚାଲାଣ କରାଯାଇଛି । ଏଭଳି ଅଭିଯାନ ଜାରି ରହିବ ବୋଲି ବିଭାଗ ପକ୍ଷରୁ କୁହାଯାଇଛି ।

୧୫୧ ଏମ୍‌ପି, ବିଧାୟକ...

ମଧ୍ୟରୁ ଏସୋସିଏସନ ଫର ଡେମୋକ୍ରାଟିକ ରିଫର୍ମସ୍‌ର ରିପୋର୍ଟ ଅନୁଯାୟୀ ଏହି ସଦସ୍ୟମାନଙ୍କ ବିରୋଧରେ ମହିଳାଙ୍କ ବିରୋଧରେ ଅପରାଧ ମାମଲା ରହିଛି । ରାଜ୍ୟର ମଧ୍ୟ କେତେଜଣ ବିଧାୟକଙ୍କ ନାମ ଏହି ତାଲିକାରେ ଅଛି । ବିଧାୟକ କୃଷ୍ଣଚନ୍ଦ୍ର ପାତ୍ର, ନିମାପଡ଼ା (ଭାଜପା), ବିଧାୟକ ପ୍ରଶାନ୍ତ ଜଗଦେବ, ଚିଲିକା (ଭାଜପା), ବିଧାୟକ ସନାତନ ବିଜୁଳି, ବଲାଙ୍ଗୀର (ଭାଜପା) ଓ ଅନ୍ୟମାନଙ୍କ ନାମ ରହିଛି । ରିପୋର୍ଟରେ ଦର୍ଶାଯାଇଛି ଯେ ଏହି ମାମଲାଗୁଡ଼ିକ ବିଭିନ୍ନ ପର୍ଯ୍ୟାୟରେ ବିଚାରାଧୀନ ରହିଛି । ଅଧିକାଂଶ ମାମଲା ଗତ କିଛି ବର୍ଷ ଧରି ଚାଲିଆସୁଛି ।

ପ୍ରକାଶ ସୋରେନ, ଧାମନଗର (ଭାଜପା) ବିଧାୟକ ସୂର୍ଯ୍ୟବଂଶୀ ସୂରଜ, ଚମ୍ପୁଆ (ବିଜେଡି) ବିଧାୟକ ସନାତନ ମହାକୁଡ଼, ଧର୍ମଶାଳା (ସ୍ୱାଧୀନ) ବିଧାୟକ ହିମାଂଶୁ ଶେଖର ସାହୁ, କୁଚିଣ୍ଡା (ଭାଜପା) ବିଧାୟକ ରବିନାରାୟଣ ନାଏକ ପ୍ରମୁଖଙ୍କ ନାମ ଅଛି । ଦେଶରେ ଏମିତି ମାମଲା ଥିବା ସାଂସଦ ଓ ବିଧାୟକଙ୍କ ସଂଖ୍ୟା ବଢ଼ିବା ଚିନ୍ତାର ବିଷୟ ବୋଲି ବିଶେଷଜ୍ଞମାନେ ମତ ଦେଇଛନ୍ତି । ରାଜନୈତିକ ଦଳଗୁଡ଼ିକ ପ୍ରାର୍ଥୀ ଚୟନ ସମୟରେ ଏହି ଦିଗକୁ ଧ୍ୟାନ ଦେବା ଉଚିତ ବୋଲି ରିପୋର୍ଟରେ ସୁପାରିଶ କରାଯାଇଛି । ମହିଳାଙ୍କ ସୁରକ୍ଷା ପ୍ରସଙ୍ଗରେ ଜନପ୍ରତିନିଧିମାନଙ୍କ ଦାୟିତ୍ୱ ଅଧିକ ବୋଲି ସାମାଜିକ କର୍ମୀମାନେ କହିଛନ୍ତି । ଏହି ରିପୋର୍ଟ ପ୍ରକାଶ ପାଇବା ପରେ ବିଭିନ୍ନ ସ୍ତରରେ ପ୍ରତିକ୍ରିୟା ଆସିଛି ।

ବକ୍ସାପାରେ ଆଉ...

ଜଙ୍ଗଲରୁ ଆଉ ଏକ ହାତୀର ମୃତଦେହ ଉଦ୍ଧାର ହୋଇଛି । ବନ ବିଭାଗର କର୍ମଚାରୀମାନେ ନିୟମିତ ଗସ୍ତ ସମୟରେ ମୃତଦେହ ଦେଖିବାକୁ ପାଇଥିଲେ । ପ୍ରାଥମିକ ତଦନ୍ତରୁ ବିଦ୍ୟୁତ ସ୍ପର୍ଶରେ ମୃତ୍ୟୁ ହୋଇଥିବା ଆଶଙ୍କା କରାଯାଉଛି । ପଶୁ ଚିକିତ୍ସକମାନେ ଶବ ବ୍ୟବଚ୍ଛେଦ କରିଛନ୍ତି । ଗତ ଏକ ମାସ ମଧ୍ୟରେ ଏହି ଅଞ୍ଚଳରେ ଏହା ତୃତୀୟ ହାତୀ ମୃତ୍ୟୁ । ବନ୍ୟଜନ୍ତୁ ପ୍ରେମୀମାନେ ଏହି ଘଟଣାକୁ ନେଇ ଉଦ୍ବେଗ ପ୍ରକାଶ କରିଛନ୍ତି । ଚୋରା ଶିକାରୀଙ୍କ ସମ୍ପୃକ୍ତି ରହିଛି କି ନାହିଁ ତାହା ତଦନ୍ତ କରାଯାଉଛି । ଡିଏଫଓ କହିଛନ୍ତି ଯେ ଦୋଷୀଙ୍କୁ କଠୋର ଦଣ୍ଡ ଦିଆଯିବ । ଜଙ୍ଗଲ ନିକଟ ଗ୍ରାମରେ ସଚେତନତା ଅଭିଯାନ ଚଳାଯିବ ।

ଆଇଏଏସ୍ ଅଫିସରଙ୍କରେ ...

ରାଜ୍ୟ ସରକାର ଏକାଧିକ ଆଇଏଏସ ଅଧିକାରୀଙ୍କୁ ବଦଳି କରିଛନ୍ତି । ସାଧାରଣ ପ୍ରଶାସନ ବିଭାଗ ପକ୍ଷରୁ ଏ ନେଇ ବିଜ୍ଞପ୍ତି ଜାରି କରାଯାଇଛି । ନୂଆ ଦାୟିତ୍ୱ ଗ୍ରହଣ କରିବାକୁ ଅଧିକାରୀଙ୍କୁ ନିର୍ଦ୍ଦେଶ ଦିଆଯାଇଛି ।

ଶାସ୍ତ୍ରୀ ମିଶ୍ରଙ୍କ ଶିକ୍ଷା ବିଭାଗର ଅତିରିକ୍ତ ମୁଖ୍ୟ ଶାସନ ସଚିବ ଭାବେ ନିଯୁକ୍ତ କରାଯାଇଛି । ୧୯୯୫ ବ୍ୟାଚ ଆଇଏଏସ ଅଫିସର ତଥା ସାମାଜିକ ସୁରକ୍ଷା ଓ ଭିନ୍ନକ୍ଷମ ସଶକ୍ତିକରଣ ବିଭାଗର ପ୍ରମୁଖ ଶାସନ ସଚିବଙ୍କୁ ଅତିରିକ୍ତ ଦାୟିତ୍ୱ ଦିଆଯାଇଛି । ୧୯୯୯ ବ୍ୟାଚ ଅଧିକାରୀ ରାଜସ୍ୱ ଓ ବିପର୍ଯ୍ୟୟ ପରିଚାଳନା ବିଭାଗର ପ୍ରମୁଖ ଶାସନ ସଚିବ ଭାବେ ଦାୟିତ୍ୱ ନେବେ । ସେହିପରି ୨୦୦୧ ବ୍ୟାଚ ଅଧିକାରୀଙ୍କୁ ଶିଳ୍ପ ବିଭାଗର ଦାୟିତ୍ୱ ମିଳିଛି । ଓଡ଼ିଶା ସ୍ୱାସ୍ଥ୍ୟ ମିଶନର ନିର୍ଦ୍ଦେଶକଙ୍କୁ ଜଳସମ୍ପଦ ବିଭାଗକୁ ବଦଳି କରାଯାଇଛି । ୨୦୦୫ ବ୍ୟାଚ ଅଧିକାରୀଙ୍କୁ ଖାଦ୍ୟ ଯୋଗାଣ ଓ ଖାଉଟି କଲ୍ୟାଣ ବିଭାଗର କମିଶନର କରାଯାଇଛି । ୨୦୦୮ ବ୍ୟାଚ ଅଧିକାରୀଙ୍କୁ ପର୍ଯ୍ୟଟନ ବିଭାଗର ନିର୍ଦ୍ଦେଶକ ଭାବେ ନିଯୁକ୍ତ କରାଯାଇଛି । ୨୦୧୦ ବ୍ୟାଚ ଅଧିକାରୀଙ୍କୁ ଭୁବନେଶ୍ୱର ଉନ୍ନୟନ ପ୍ରାଧିକରଣର ଉପାଧ୍ୟକ୍ଷ କରାଯାଇଛି । ଅନ୍ୟ କେତେଜଣ ଅଧିକାରୀଙ୍କୁ ବିଭିନ୍ନ ଜିଲ୍ଲାର ଜିଲ୍ଲାପାଳ ଭାବେ ନିଯୁକ୍ତି ଦିଆଯାଇଛି । ସାଧାରଣ ପ୍ରଶାସନ ବିଭାଗ ପକ୍ଷରୁ ଜାରି ବିଜ୍ଞପ୍ତି ଅନୁଯାୟୀ ତୁରନ୍ତ ପ୍ରଭାବରେ ଏହି ବଦଳି କାର୍ଯ୍ୟକାରୀ ହେବ । ଅଧିକାରୀମାନଙ୍କୁ ଶୀଘ୍ର ନୂଆ ଦାୟିତ୍ୱ ଗ୍ରହଣ କରିବାକୁ କୁହାଯାଇଛି ।

08
